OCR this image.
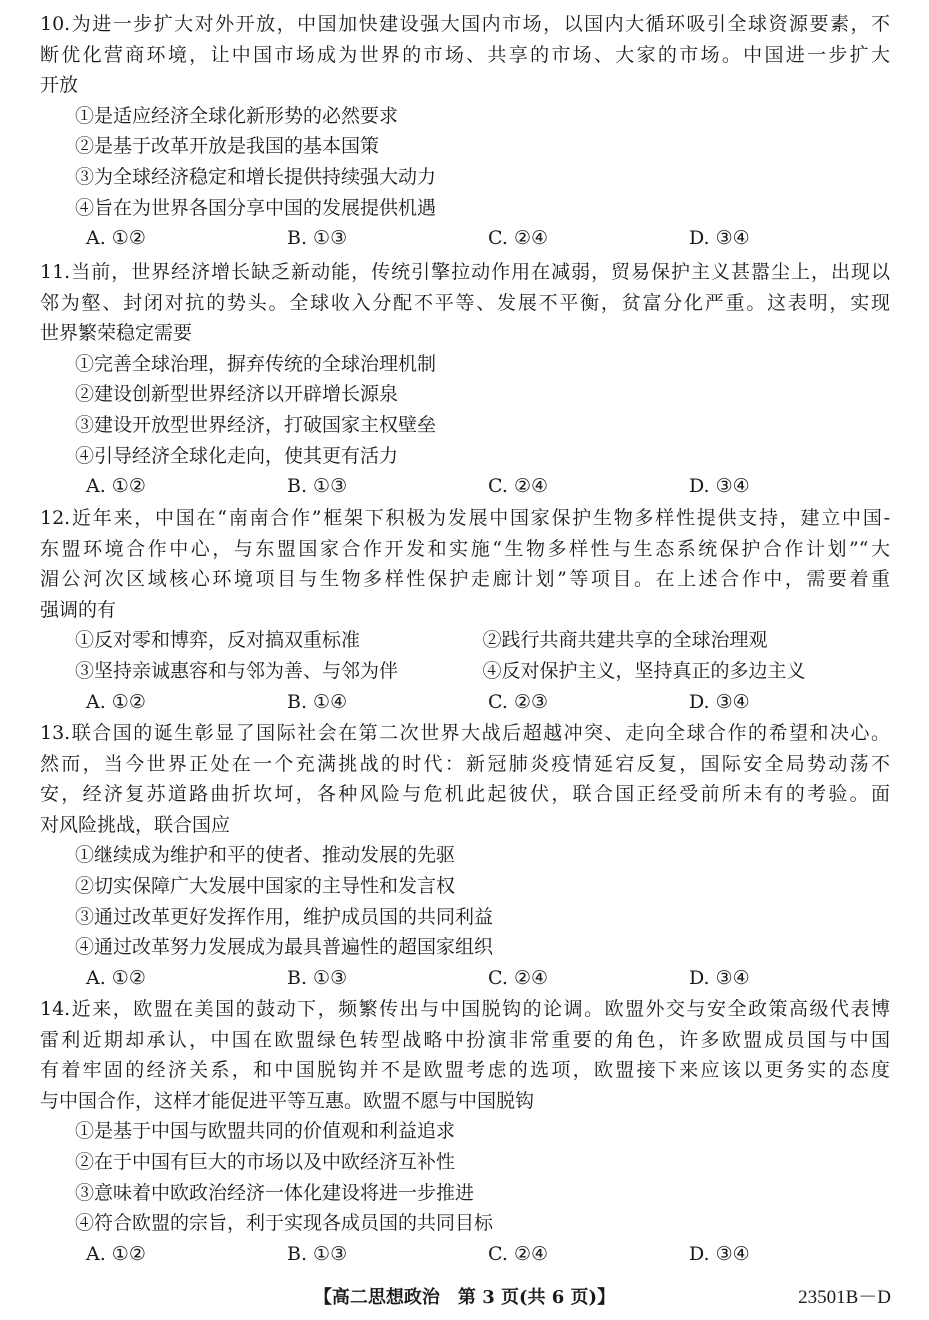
10.为进一步扩大对外开放，中国加快建设强大国内市场，以国内大循环吸引全球资源要素，不
断优化营商环境，让中国市场成为世界的市场、共享的市场、大家的市场。中国进一步扩大
开放
①是适应经济全球化新形势的必然要求
②是基于改革开放是我国的基本国策
③为全球经济稳定和增长提供持续强大动力
④旨在为世界各国分享中国的发展提供机遇
A. ①②	B. ①③	C. ②④	D. ③④
11.当前，世界经济增长缺乏新动能，传统引擎拉动作用在减弱，贸易保护主义甚嚣尘上，出现以
邻为壑、封闭对抗的势头。全球收入分配不平等、发展不平衡，贫富分化严重。这表明，实现
世界繁荣稳定需要
①完善全球治理，摒弃传统的全球治理机制
②建设创新型世界经济以开辟增长源泉
③建设开放型世界经济，打破国家主权壁垒
④引导经济全球化走向，使其更有活力
A. ①②	B. ①③	C. ②④	D. ③④
12.近年来，中国在“南南合作”框架下积极为发展中国家保护生物多样性提供支持，建立中国-
东盟环境合作中心，与东盟国家合作开发和实施“生物多样性与生态系统保护合作计划”“大
湄公河次区域核心环境项目与生物多样性保护走廊计划”等项目。在上述合作中，需要着重
强调的有
①反对零和博弈，反对搞双重标准	②践行共商共建共享的全球治理观
③坚持亲诚惠容和与邻为善、与邻为伴	④反对保护主义，坚持真正的多边主义
A. ①②	B. ①④	C. ②③	D. ③④
13.联合国的诞生彰显了国际社会在第二次世界大战后超越冲突、走向全球合作的希望和决心。
然而，当今世界正处在一个充满挑战的时代：新冠肺炎疫情延宕反复，国际安全局势动荡不
安，经济复苏道路曲折坎坷，各种风险与危机此起彼伏，联合国正经受前所未有的考验。面
对风险挑战，联合国应
①继续成为维护和平的使者、推动发展的先驱
②切实保障广大发展中国家的主导性和发言权
③通过改革更好发挥作用，维护成员国的共同利益
④通过改革努力发展成为最具普遍性的超国家组织
A. ①②	B. ①③	C. ②④	D. ③④
14.近来，欧盟在美国的鼓动下，频繁传出与中国脱钩的论调。欧盟外交与安全政策高级代表博
雷利近期却承认，中国在欧盟绿色转型战略中扮演非常重要的角色，许多欧盟成员国与中国
有着牢固的经济关系，和中国脱钩并不是欧盟考虑的选项，欧盟接下来应该以更务实的态度
与中国合作，这样才能促进平等互惠。欧盟不愿与中国脱钩
①是基于中国与欧盟共同的价值观和利益追求
②在于中国有巨大的市场以及中欧经济互补性
③意味着中欧政治经济一体化建设将进一步推进
④符合欧盟的宗旨，利于实现各成员国的共同目标
A. ①②	B. ①③	C. ②④	D. ③④
【高二思想政治　第 3 页(共 6 页)】	23501B－D
